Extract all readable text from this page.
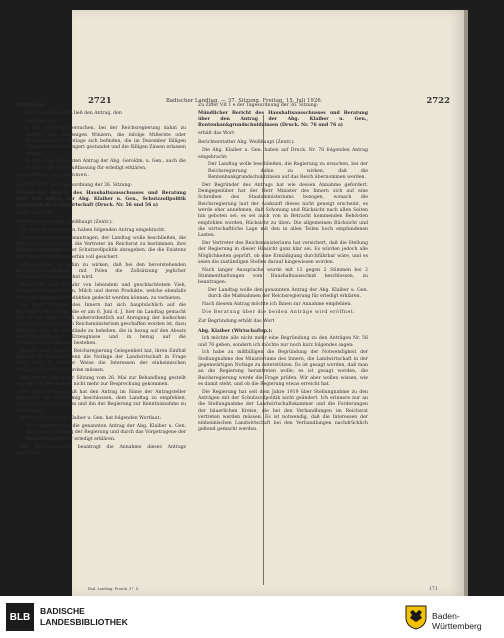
2721	Badischer Landtag. — 37. Sitzung. Freitag, 15. Juli 1926.	2722
Bad. Landtag. Protok. 37. S.	171

(Ritzmann)

den Hauptausschuß ließ den Antrag, den

Landtag wolle

I. die Regierung ersuchen, bei der Reichsregierung dahin zu wirken, daß denjenigen Winzern, die infolge Mißernte oder Hochstwellen in Notlage sich befinden, die im Dezember fälligen Winzerkredite verlängert gestundet und die fälligen Zinsen erlassen werden,

II. den oben genannten Antrag der Abg. Geroldm. u. Gen., auch die vorstehende Beschlußfassung für erledigt erklären,

einstimmig angenommen.

Zu Ziffer VII 1 der Tagesordnung der 36. Sitzung:

Mündlicher Bericht des Haushaltsausschusses und Beratung über den Antrag der Abg. Klaiber u. Gen., Schutzzollpolitik zugunsten der Landwirtschaft (Druck. Nr. 56 und 56 a)

erhält das Wort

Berichterstatter Abg. Weißhaupt (Zentr.):

Die Abg. Klaiber u. Gen. haben folgenden Antrag eingebracht:

Die Unterzeichneten beantragen, der Landtag wolle beschließen, die Regierung zu ersuchen, die Vertreter im Reichsrat zu bestimmen, ihre Stimmen zugunsten einer Schutzzollpolitik abzugeben, die die Existenz der Landwirtschaft weiterhin voll gesichert.

Zollebetendes ist dahin zu wirken, daß bei den bevorstehenden Vertragsverhandlungen mit Polen die Zollsätzung jeglicher Schweineeinfuhr abgelehnt wird.

Ferner ist jede Einfuhr von lebendem und geschlachtetem Vieh, feinem tierischen Fetten, Milch und deren Produkte, welche ebenfalls durch die heimische Produktion gedeckt werden können, zu verbieten.

Der Herr Minister des Innern hat sich hauptsächlich auf die Marktsperren berufen, die er am 6. Juni d. J. hier im Landtag gemacht hat. Er hat erklärt, daß außerordentlich auf Anregung der badischen Regierung und nun beim Reichsministerium geschaffen worden ist, dazu beitragen will, die Mißstände zu beheben, die in bezug auf den Absatz landwirtschaftlicher Erzeugnisse und in bezug auf die Produktionsverhältnisse bestehen.

Jederlei weiß, daß die Reichsregierung Gelegenheit hat, ihren Einfluß geltend zu machen, wenn die Notlage der Landwirtschaft in Frage steht, und in welcher Weise die Interessen der einheimischen Erzeugung vertreten werden müssen.

Der Antrag war in der Sitzung vom 26. Mai zur Behandlung gestellt worden, ist aber damals nicht mehr zur Besprechung gekommen.

Der Haushaltsausschuß hat den Antrag im Sinne der Antragsteller behandelt und einstimmig beschlossen, dem Landtag zu empfehlen, dem Antrag zuzustimmen und ihn der Regierung zur Kenntnisnahme zu überweisen.

Der Antrag der Abg. Klaiber u. Gen. hat folgenden Wortlaut:

Der Landtag wolle die genannten Antrag der Abg. Klaiber u. Gen. durch die Erklärung der Regierung und durch das Vorgetragene der Reichsregierung für erledigt erklären.

Der Berichterstatter beantragt die Annahme dieses Antrags empfehlen.

Zu Ziffer VII 1 e der Tagesordnung der 36. Sitzung:

Mündlicher Bericht des Haushaltsausschusses und Beratung über den Antrag der Abg. Klaiber u. Gen., Rentenbankgrundschuldzinsen (Druck. Nr. 76 und 76 a)

erhält das Wort

Berichterstatter Abg. Weißhaupt (Zentr.):

Die Abg. Klaiber u. Gen. haben auf Druck. Nr. 76 folgenden Antrag eingebracht:

Der Landtag wolle beschließen, die Regierung zu ersuchen, bei der Reichsregierung dahin zu wirken, daß die Rentenbankgrundschuldzinsen auf das Reich übernommen werden.

Der Begründer des Antrags hat wie dessen Annahme gefordert. Demgegenüber hat der Herr Minister des Innern sich auf eine Schreiben des Staatsministeriums bezogen, wonach die Reichsregierung laut der Auskunft dieses nicht geneigt erscheint, es werde eher annehmen, daß Schonung und Rücksicht nach allen Seiten hin geboten sei; es sei auch von in Betracht kommenden Behörden empfohlen worden, Rücksicht zu üben. Die allgemeinen Rücksicht und die wirtschaftliche Lage mit den in allen Teilen hoch empfundenen Lasten.

Der Vertreter des Reichsministeriums hat versichert, daß die Stellung der Regierung in dieser Hinsicht ganz klar sei. Es würden jedoch alle Möglichkeiten geprüft, ob eine Ermäßigung durchführbar wäre, und es seien die zuständigen Stellen darauf hingewiesen worden.

Nach langer Aussprache wurde mit 13 gegen 2 Stimmen bei 2 Stimmenthaltungen vom Haushaltsausschuß beschlossen, zu beantragen:

Der Landtag wolle den genannten Antrag der Abg. Klaiber u. Gen. durch die Maßnahmen der Reichsregierung für erledigt erklären.

Nach diesem Antrag möchte ich Ihnen zur Annahme empfehlen.

Die Beratung über die beiden Anträge wird eröffnet.

Zur Begründung erhält das Wort

Abg. Klaiber (Wirtschaftsp.):

Ich möchte alle nicht mehr eine Begründung zu den Anträgen Nr. 56 und 76 geben, sondern ich möchte nur noch kurz folgendes sagen:

Ich habe zu mißbilligen die Begründung der Notwendigkeit der Stellungnahme des Ministeriums des Innern, die Landwirtschaft in der gegenwärtigen Notlage zu unterstützen. Es ist gesagt worden, daß man an die Regierung herantreten wolle; es ist gesagt worden, die Reichsregierung werde die Frage prüfen. Wir aber wollen wissen, wie es damit steht, und ob die Regierung etwas erreicht hat.

Die Regierung hat seit dem Jahre 1919 über Stellungnahme zu den Anträgen mit der Schutzzollpolitik nicht geändert. Ich erinnere nur an die Stellungnahme der Landwirtschaftskammer und die Forderungen der bäuerlichen Kreise, die bei den Verhandlungen im Reichsrat vertreten werden müssen. Es ist notwendig, daß die Interessen der einheimischen Landwirtschaft bei den Verhandlungen nachdrücklich geltend gemacht werden.

BLB
BADISCHE
LANDESBIBLIOTHEK
Baden-Württemberg
